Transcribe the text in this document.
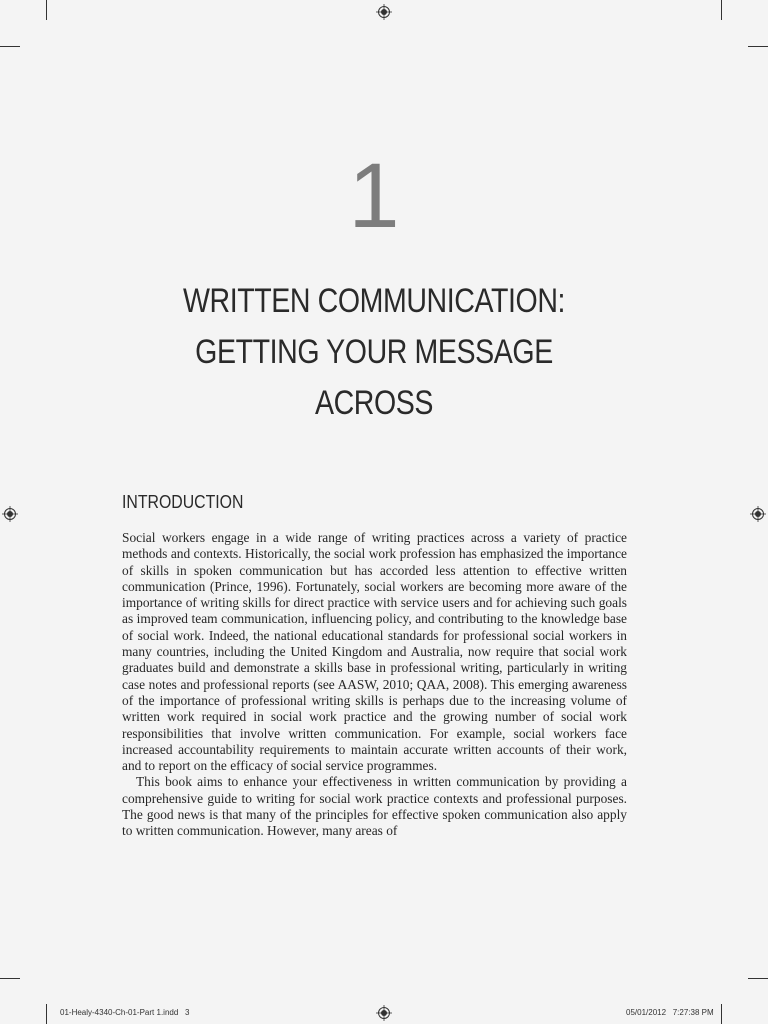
1
WRITTEN COMMUNICATION: GETTING YOUR MESSAGE ACROSS
INTRODUCTION

Social workers engage in a wide range of writing practices across a variety of practice methods and contexts. Historically, the social work profession has emphasized the importance of skills in spoken communication but has accorded less attention to effective written communication (Prince, 1996). Fortunately, social workers are becoming more aware of the importance of writing skills for direct practice with service users and for achieving such goals as improved team communication, influencing policy, and contributing to the knowledge base of social work. Indeed, the national educational standards for professional social workers in many countries, including the United Kingdom and Australia, now require that social work graduates build and demonstrate a skills base in professional writing, particularly in writing case notes and professional reports (see AASW, 2010; QAA, 2008). This emerging awareness of the importance of professional writing skills is perhaps due to the increasing volume of written work required in social work practice and the growing number of social work responsibilities that involve written communication. For example, social workers face increased accountability requirements to maintain accurate written accounts of their work, and to report on the efficacy of social service programmes.

This book aims to enhance your effectiveness in written communication by providing a comprehensive guide to writing for social work practice contexts and professional purposes. The good news is that many of the principles for effective spoken communication also apply to written communication. However, many areas of

01-Healy-4340-Ch-01-Part 1.indd   3	05/01/2012   7:27:38 PM
